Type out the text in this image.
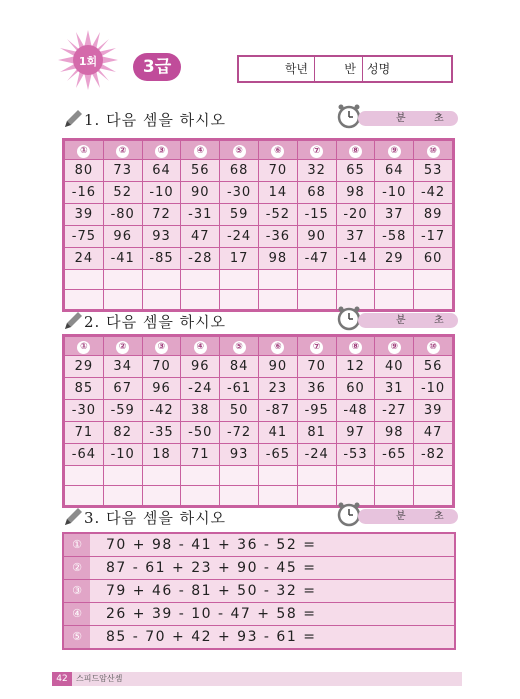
1회	3급	학년	반 성명
1. 다음 셈을 하시오	분	초
①	②	③	④	⑤	⑥	⑦	⑧	⑨	⑩
80	73	64	56	68	70	32	65	64	53
-16	52	-10	90	-30	14	68	98	-10	-42
39	-80	72	-31	59	-52	-15	-20	37	89
-75	96	93	47	-24	-36	90	37	-58	-17
24	-41	-85	-28	17	98	-47	-14	29	60

2. 다음 셈을 하시오	분	초
①	②	③	④	⑤	⑥	⑦	⑧	⑨	⑩
29	34	70	96	84	90	70	12	40	56
85	67	96	-24	-61	23	36	60	31	-10
-30	-59	-42	38	50	-87	-95	-48	-27	39
71	82	-35	-50	-72	41	81	97	98	47
-64	-10	18	71	93	-65	-24	-53	-65	-82

3. 다음 셈을 하시오	분	초
①	70 + 98 - 41 + 36 - 52 =
②	87 - 61 + 23 + 90 - 45 =
③	79 + 46 - 81 + 50 - 32 =
④	26 + 39 - 10 - 47 + 58 =
⑤	85 - 70 + 42 + 93 - 61 =
42	스피드암산셈
